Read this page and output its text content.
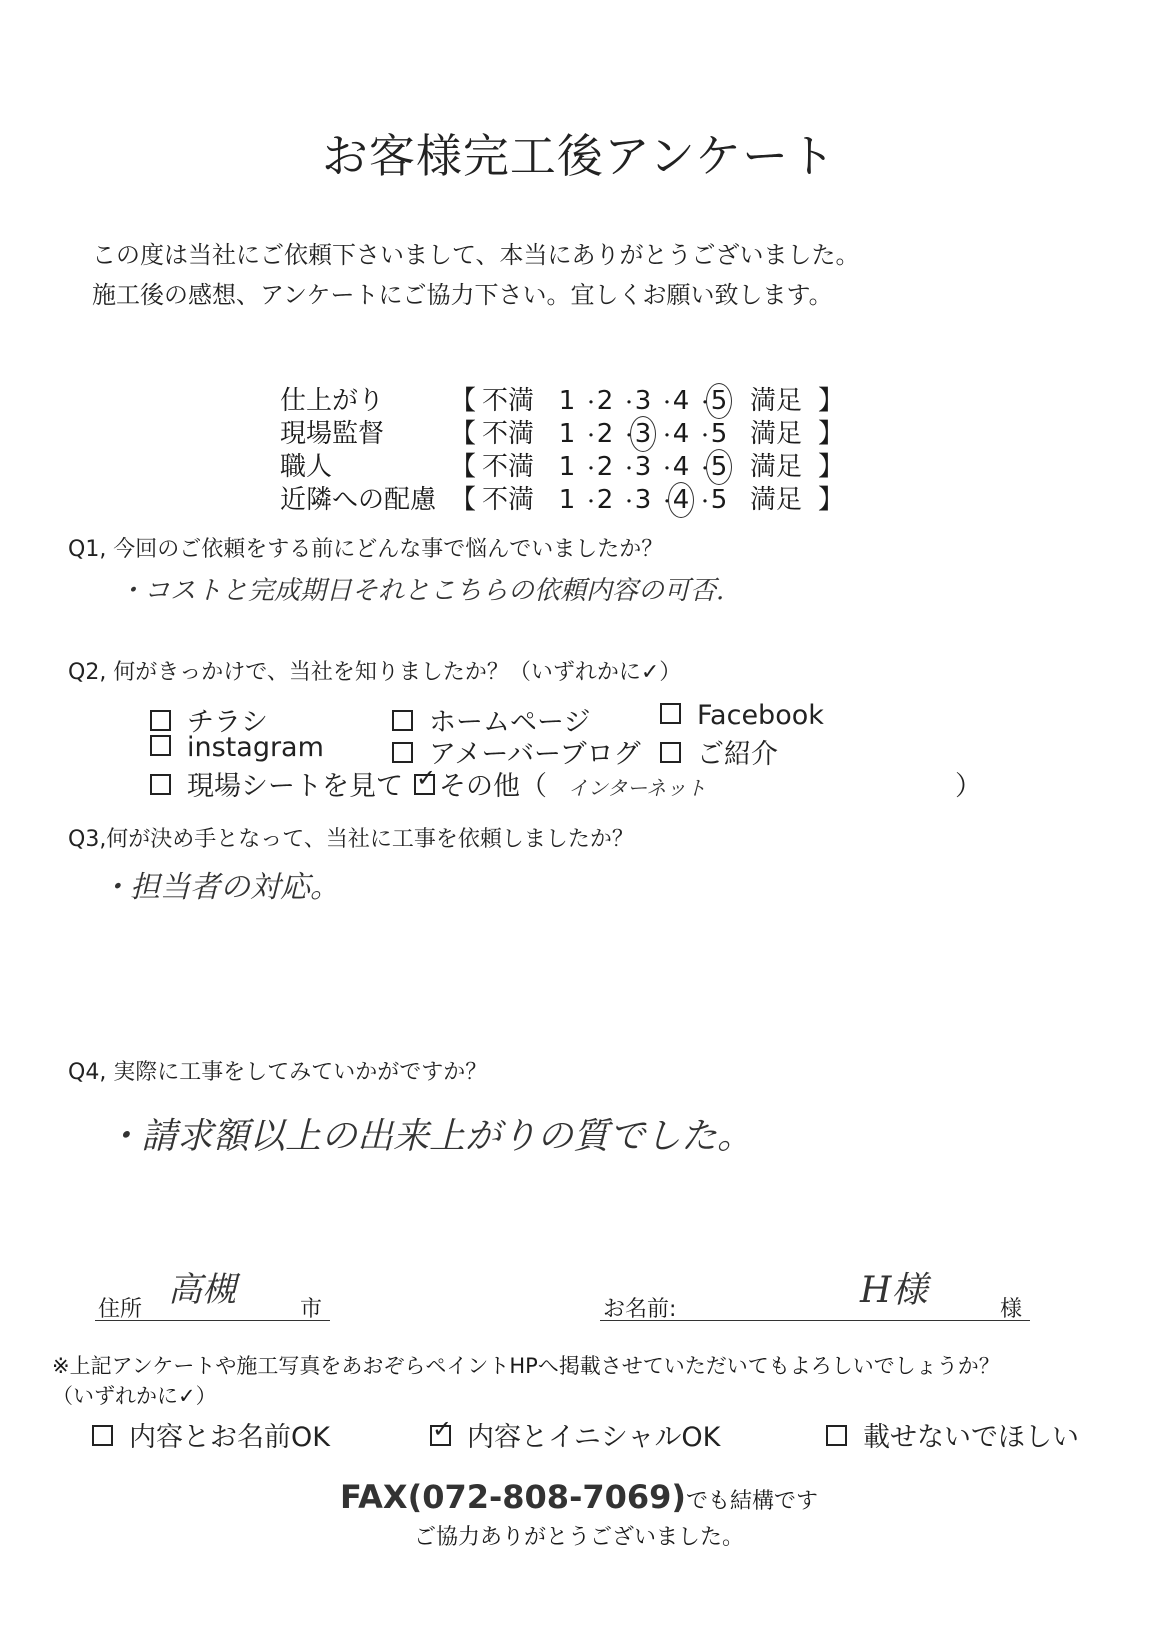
お客様完工後アンケート
この度は当社にご依頼下さいまして、本当にありがとうございました。
施工後の感想、アンケートにご協力下さい。宜しくお願い致します。
仕上がり	【 不満 1 ・2 ・3 ・4 ・5 満足 】
現場監督	【 不満 1 ・2 ・3 ・4 ・5 満足 】
職人	【 不満 1 ・2 ・3 ・4 ・5 満足 】
近隣への配慮 【 不満 1 ・2 ・3 ・4 ・5 満足 】
Q1, 今回のご依頼をする前にどんな事で悩んでいましたか？
・コストと完成期日それとこちらの依頼内容の可否.
Q2, 何がきっかけで、当社を知りましたか？（いずれかに✓）
チラシ	ホームページ	Facebook
instagram	アメーバーブログ	ご紹介
現場シートを見て ✓	その他（ インターネット	）
Q3,何が決め手となって、当社に工事を依頼しましたか？
・担当者の対応。
Q4, 実際に工事をしてみていかがですか？
・請求額以上の出来上がりの質でした。
住所 高槻	市	お名前:	H様	様
※上記アンケートや施工写真をあおぞらペイントHPへ掲載させていただいてもよろしいでしょうか？
（いずれかに✓）
内容とお名前OK ✓	内容とイニシャルOK	載せないでほしい
FAX(072-808-7069)でも結構です
ご協力ありがとうございました。
